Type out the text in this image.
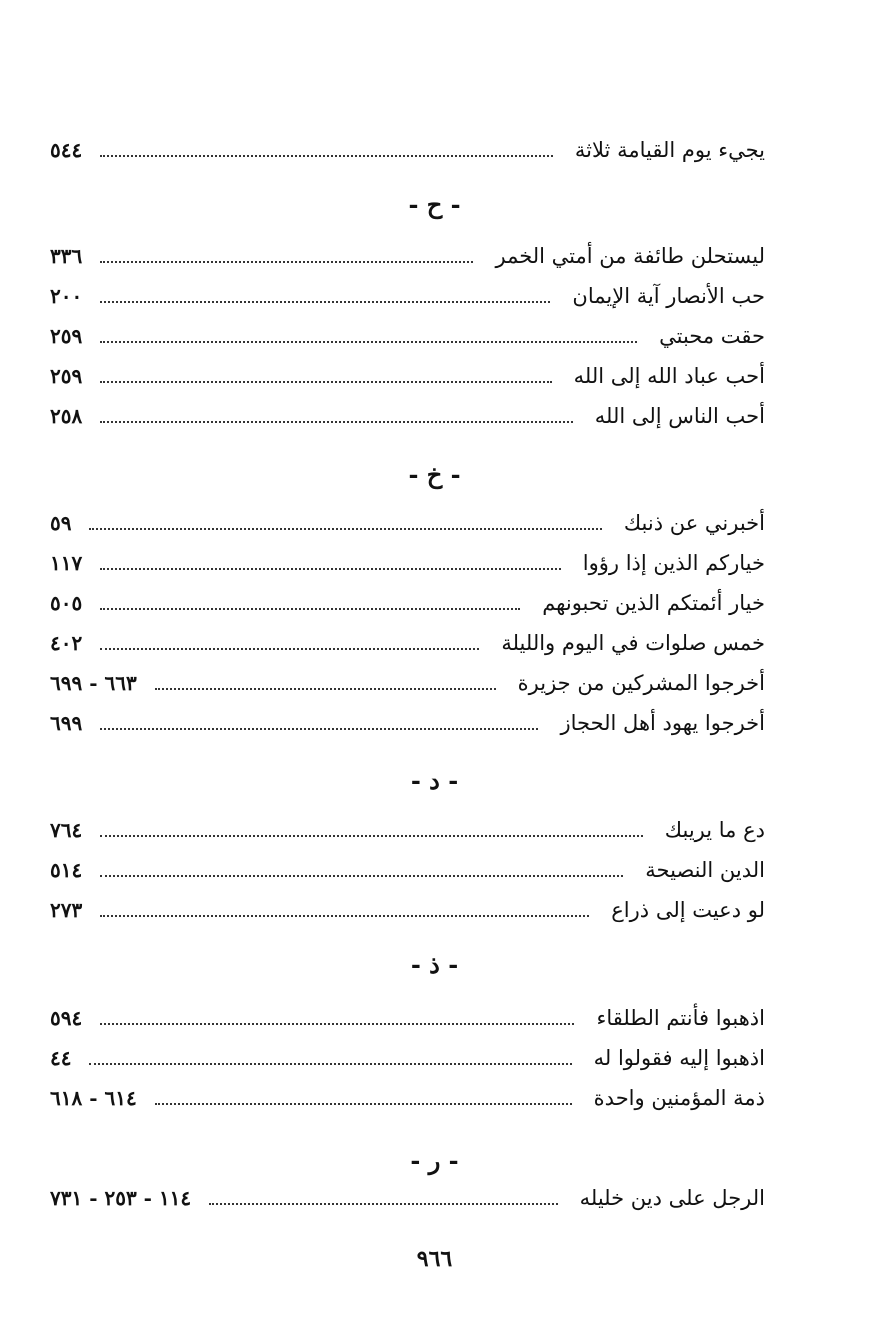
يجيء يوم القيامة ثلاثة
٥٤٤
- ح -
ليستحلن طائفة من أمتي الخمر
٣٣٦
حب الأنصار آية الإيمان
٢٠٠
حقت محبتي
٢٥٩
أحب عباد الله إلى الله
٢٥٩
أحب الناس إلى الله
٢٥٨
- خ -
أخبرني عن ذنبك
٥٩
خياركم الذين إذا رؤوا
١١٧
خيار أئمتكم الذين تحبونهم
٥٠٥
خمس صلوات في اليوم والليلة
٤٠٢
أخرجوا المشركين من جزيرة
٦٦٣ - ٦٩٩
أخرجوا يهود أهل الحجاز
٦٩٩
- د -
دع ما يريبك
٧٦٤
الدين النصيحة
٥١٤
لو دعيت إلى ذراع
٢٧٣
- ذ -
اذهبوا فأنتم الطلقاء
٥٩٤
اذهبوا إليه فقولوا له
٤٤
ذمة المؤمنين واحدة
٦١٤ - ٦١٨
- ر -
الرجل على دين خليله
١١٤ - ٢٥٣ - ٧٣١
٩٦٦
